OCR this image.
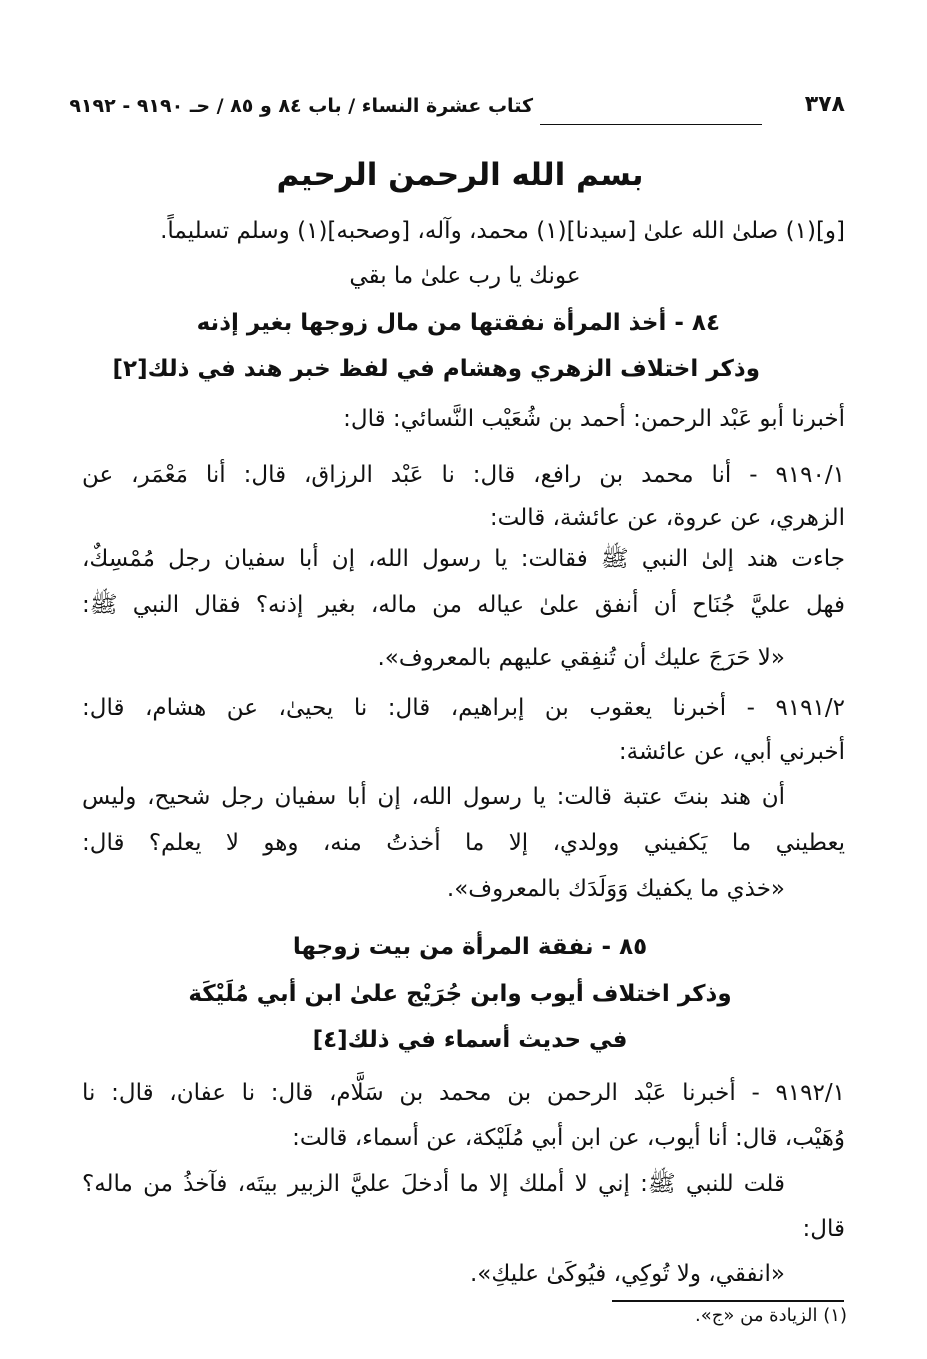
٣٧٨
كتاب عشرة النساء / باب ٨٤ و ٨٥ / حـ ٩١٩٠ - ٩١٩٢
بسم الله الرحمن الرحيم
[و](١) صلىٰ الله علىٰ [سيدنا](١) محمد، وآله، [وصحبه](١) وسلم تسليماً.
عونك يا رب علىٰ ما بقي
٨٤ - أخذ المرأة نفقتها من مال زوجها بغير إذنه
وذكر اختلاف الزهري وهشام في لفظ خبر هند في ذلك[٢]
أخبرنا أبو عَبْد الرحمن: أحمد بن شُعَيْب النَّسائي: قال:
٩١٩٠/١ - أنا محمد بن رافع، قال: نا عَبْد الرزاق، قال: أنا مَعْمَر، عن
الزهري، عن عروة، عن عائشة، قالت:
جاءت هند إلىٰ النبي ﷺ فقالت: يا رسول الله، إن أبا سفيان رجل مُمْسِكٌ،
فهل عليَّ جُنَاح أن أنفق علىٰ عياله من ماله، بغير إذنه؟ فقال النبي ﷺ:
«لا حَرَجَ عليك أن تُنفِقي عليهم بالمعروف».
٩١٩١/٢ - أخبرنا يعقوب بن إبراهيم، قال: نا يحيىٰ، عن هشام، قال:
أخبرني أبي، عن عائشة:
أن هند بنتَ عتبة قالت: يا رسول الله، إن أبا سفيان رجل شحيح، وليس
يعطيني ما يَكفيني وولدي، إلا ما أخذتُ منه، وهو لا يعلم؟ قال:
«خذي ما يكفيك وَوَلَدَك بالمعروف».
٨٥ - نفقة المرأة من بيت زوجها
وذكر اختلاف أيوب وابن جُرَيْج علىٰ ابن أبي مُلَيْكَة
في حديث أسماء في ذلك[٤]
٩١٩٢/١ - أخبرنا عَبْد الرحمن بن محمد بن سَلَّام، قال: نا عفان، قال: نا
وُهَيْب، قال: أنا أيوب، عن ابن أبي مُلَيْكة، عن أسماء، قالت:
قلت للنبي ﷺ: إني لا أملك إلا ما أدخلَ عليَّ الزبير بيتَه، فآخذُ من ماله؟
قال:
«انفقي، ولا تُوكِي، فيُوكَىٰ عليكِ».
(١) الزيادة من «ج».
